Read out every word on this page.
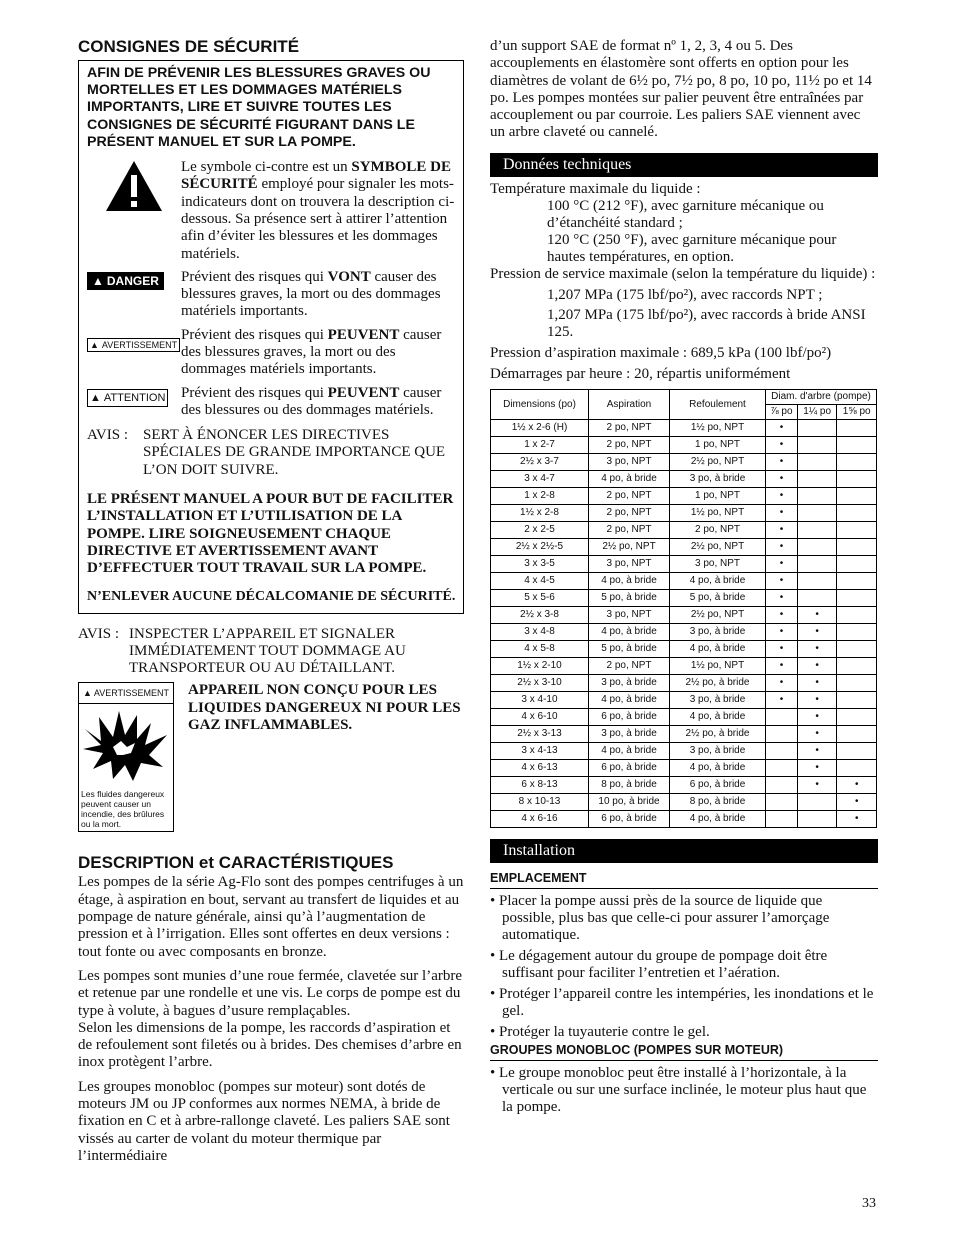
CONSIGNES DE SÉCURITÉ
AFIN DE PRÉVENIR LES BLESSURES GRAVES OU MORTELLES ET LES DOMMAGES MATÉRIELS IMPORTANTS, LIRE ET SUIVRE TOUTES LES CONSIGNES DE SÉCURITÉ FIGURANT DANS LE PRÉSENT MANUEL ET SUR LA POMPE.
Le symbole ci-contre est un SYMBOLE DE SÉCURITÉ employé pour signaler les mots-indicateurs dont on trouvera la description ci-dessous. Sa présence sert à attirer l’attention afin d’éviter les blessures et les dommages matériels.
▲ DANGER Prévient des risques qui VONT causer des blessures graves, la mort ou des dommages matériels importants.
▲ AVERTISSEMENT
Prévient des risques qui PEUVENT causer des blessures graves, la mort ou des dommages matériels importants.
▲ ATTENTION Prévient des risques qui PEUVENT causer des blessures ou des dommages matériels.
AVIS :	SERT À ÉNONCER LES DIRECTIVES SPÉCIALES DE GRANDE IMPORTANCE QUE L’ON DOIT SUIVRE.
LE PRÉSENT MANUEL A POUR BUT DE FACILITER L’INSTALLATION ET L’UTILISATION DE LA POMPE. LIRE SOIGNEUSEMENT CHAQUE DIRECTIVE ET AVERTISSEMENT AVANT D’EFFECTUER TOUT TRAVAIL SUR LA POMPE.
N’ENLEVER AUCUNE DÉCALCOMANIE DE SÉCURITÉ.
AVIS : INSPECTER L’APPAREIL ET SIGNALER IMMÉDIATEMENT TOUT DOMMAGE AU TRANSPORTEUR OU AU DÉTAILLANT.
▲ AVERTISSEMENT
Les fluides dangereux peuvent causer un incendie, des brûlures ou la mort.
APPAREIL NON CONÇU POUR LES LIQUIDES DANGEREUX NI POUR LES GAZ INFLAMMABLES.
DESCRIPTION et CARACTÉRISTIQUES

Les pompes de la série Ag-Flo sont des pompes centrifuges à un étage, à aspiration en bout, servant au transfert de liquides et au pompage de nature générale, ainsi qu’à l’augmentation de pression et à l’irrigation. Elles sont offertes en deux versions : tout fonte ou avec composants en bronze.

Les pompes sont munies d’une roue fermée, clavetée sur l’arbre et retenue par une rondelle et une vis. Le corps de pompe est du type à volute, à bagues d’usure remplaçables.

Selon les dimensions de la pompe, les raccords d’aspiration et de refoulement sont filetés ou à brides. Des chemises d’arbre en inox protègent l’arbre.

Les groupes monobloc (pompes sur moteur) sont dotés de moteurs JM ou JP conformes aux normes NEMA, à bride de fixation en C et à arbre-rallonge claveté. Les paliers SAE sont vissés au carter de volant du moteur thermique par l’intermédiaire

d’un support SAE de format nº 1, 2, 3, 4 ou 5. Des accouplements en élastomère sont offerts en option pour les diamètres de volant de 6½ po, 7½ po, 8 po, 10 po, 11½ po et 14 po. Les pompes montées sur palier peuvent être entraînées par accouplement ou par courroie. Les paliers SAE viennent avec un arbre claveté ou cannelé.

Données techniques
Température maximale du liquide :
100 °C (212 °F), avec garniture mécanique ou d’étanchéité standard ;
120 °C (250 °F), avec garniture mécanique pour hautes températures, en option.
Pression de service maximale (selon la température du liquide) :
1,207 MPa (175 lbf/po²), avec raccords NPT ;
1,207 MPa (175 lbf/po²), avec raccords à bride ANSI 125.
Pression d’aspiration maximale : 689,5 kPa (100 lbf/po²)
Démarrages par heure : 20, répartis uniformément
Dimensions (po)	Aspiration	Refoulement	Diam. d'arbre (pompe)		
			⅞ po	1¼ po	1⅝ po
1½ x 2-6 (H)	2 po, NPT	1½ po, NPT	•		
1 x 2-7	2 po, NPT	1 po, NPT	•		
2½ x 3-7	3 po, NPT	2½ po, NPT	•		
3 x 4-7	4 po, à bride	3 po, à bride	•		
1 x 2-8	2 po, NPT	1 po, NPT	•		
1½ x 2-8	2 po, NPT	1½ po, NPT	•		
2 x 2-5	2 po, NPT	2 po, NPT	•		
2½ x 2½-5	2½ po, NPT	2½ po, NPT	•		
3 x 3-5	3 po, NPT	3 po, NPT	•		
4 x 4-5	4 po, à bride	4 po, à bride	•		
5 x 5-6	5 po, à bride	5 po, à bride	•		
2½ x 3-8	3 po, NPT	2½ po, NPT	•	•	
3 x 4-8	4 po, à bride	3 po, à bride	•	•	
4 x 5-8	5 po, à bride	4 po, à bride	•	•	
1½ x 2-10	2 po, NPT	1½ po, NPT	•	•	
2½ x 3-10	3 po, à bride	2½ po, à bride	•	•	
3 x 4-10	4 po, à bride	3 po, à bride	•	•	
4 x 6-10	6 po, à bride	4 po, à bride		•	
2½ x 3-13	3 po, à bride	2½ po, à bride		•	
3 x 4-13	4 po, à bride	3 po, à bride		•	
4 x 6-13	6 po, à bride	4 po, à bride		•	
6 x 8-13	8 po, à bride	6 po, à bride		•	•
8 x 10-13	10 po, à bride	8 po, à bride			•
4 x 6-16	6 po, à bride	4 po, à bride			•
Installation
EMPLACEMENT
• Placer la pompe aussi près de la source de liquide que possible, plus bas que celle-ci pour assurer l’amorçage automatique.
• Le dégagement autour du groupe de pompage doit être suffisant pour faciliter l’entretien et l’aération.
• Protéger l’appareil contre les intempéries, les inondations et le gel.
• Protéger la tuyauterie contre le gel.
GROUPES MONOBLOC (POMPES SUR MOTEUR)
• Le groupe monobloc peut être installé à l’horizontale, à la verticale ou sur une surface inclinée, le moteur plus haut que la pompe.
33
